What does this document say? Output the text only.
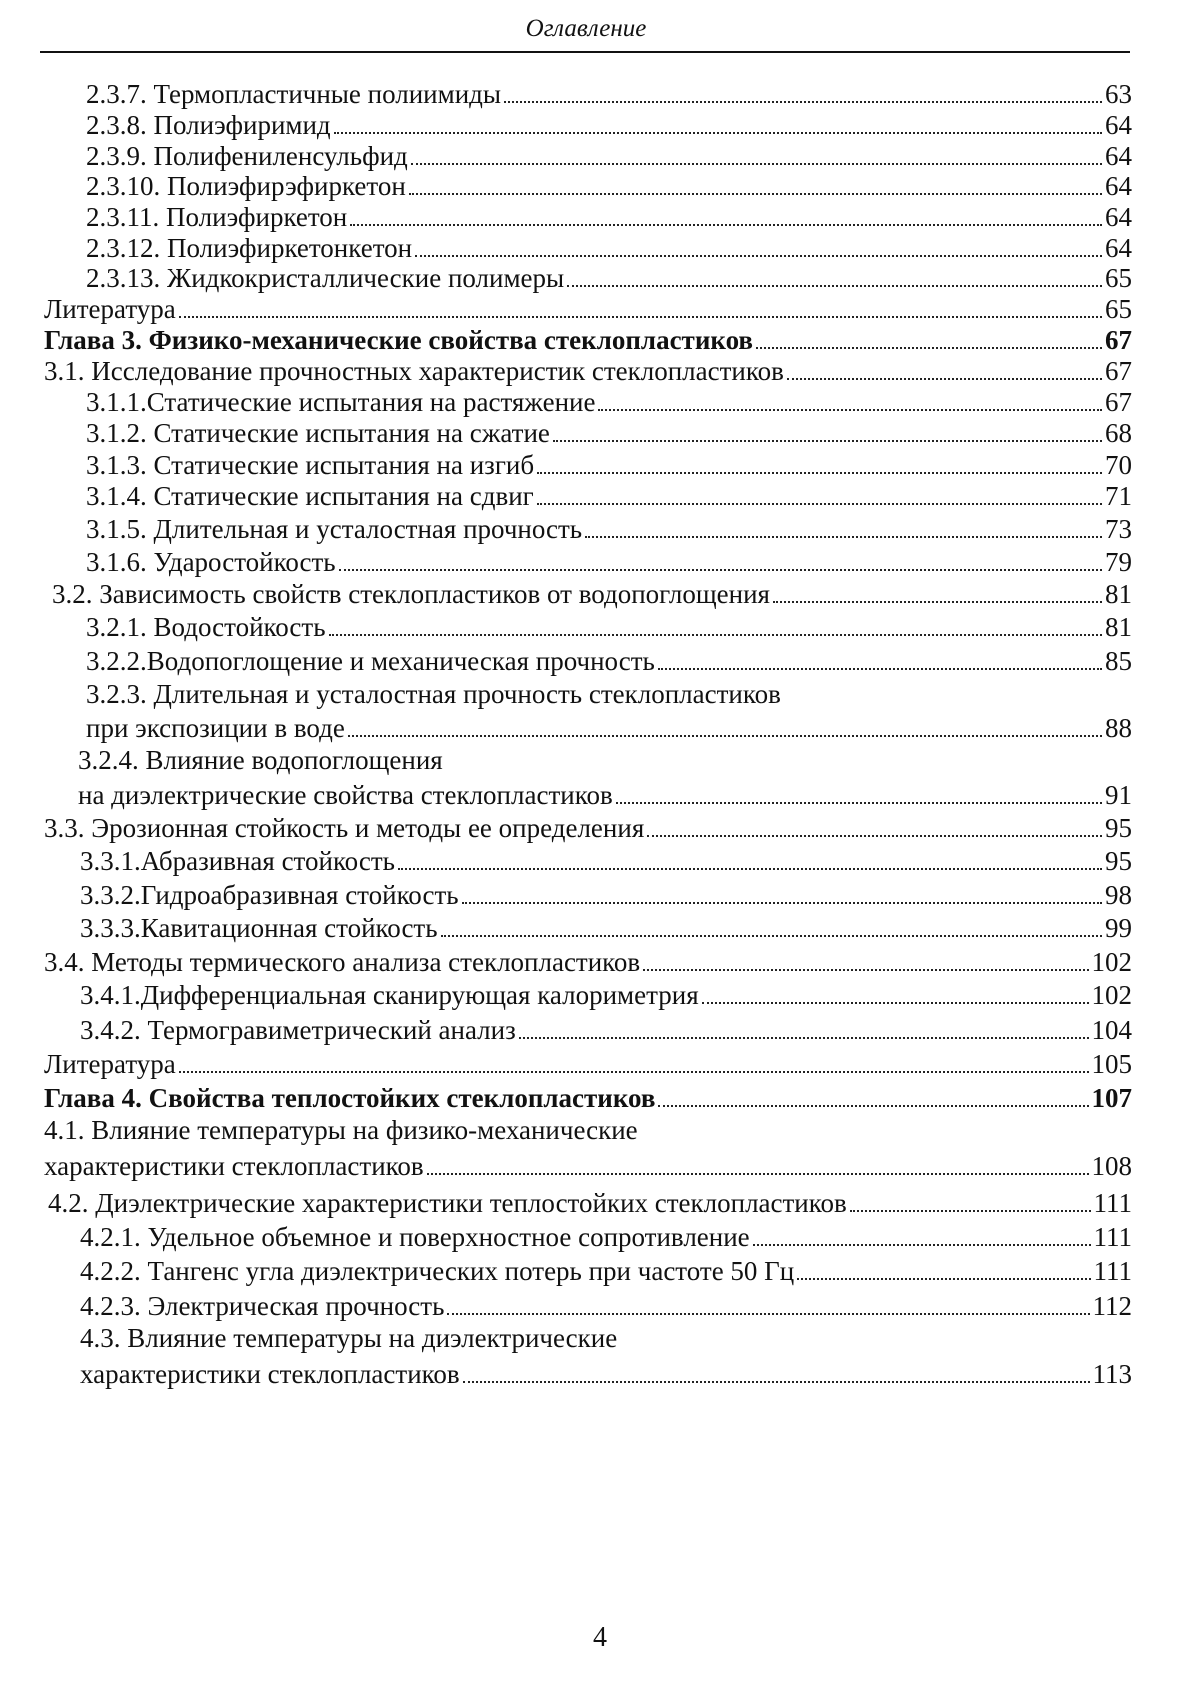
Оглавление
2.3.7. Термопластичные полиимиды	63
2.3.8. Полиэфиримид	64
2.3.9. Полифениленсульфид	64
2.3.10. Полиэфирэфиркетон	64
2.3.11. Полиэфиркетон	64
2.3.12. Полиэфиркетонкетон	64
2.3.13. Жидкокристаллические полимеры	65
Литература	65
Глава 3. Физико-механические свойства стеклопластиков	67
3.1. Исследование прочностных характеристик стеклопластиков	67
3.1.1.Статические испытания на растяжение	67
3.1.2. Статические испытания на сжатие	68
3.1.3. Статические испытания на изгиб	70
3.1.4. Статические испытания на сдвиг	71
3.1.5. Длительная и усталостная прочность	73
3.1.6. Ударостойкость	79
3.2. Зависимость свойств стеклопластиков от водопоглощения	81
3.2.1. Водостойкость	81
3.2.2.Водопоглощение и механическая прочность	85
3.2.3. Длительная и усталостная прочность стеклопластиков
при экспозиции в воде	88
3.2.4. Влияние водопоглощения
на диэлектрические свойства стеклопластиков	91
3.3. Эрозионная стойкость и методы ее определения	95
3.3.1.Абразивная стойкость	95
3.3.2.Гидроабразивная стойкость	98
3.3.3.Кавитационная стойкость	99
3.4. Методы термического анализа стеклопластиков	102
3.4.1.Дифференциальная сканирующая калориметрия	102
3.4.2. Термогравиметрический анализ	104
Литература	105
Глава 4. Свойства теплостойких стеклопластиков	107
4.1. Влияние температуры на физико-механические
характеристики стеклопластиков	108
4.2. Диэлектрические характеристики теплостойких стеклопластиков	111
4.2.1. Удельное объемное и поверхностное сопротивление	111
4.2.2. Тангенс угла диэлектрических потерь при частоте 50 Гц	111
4.2.3. Электрическая прочность	112
4.3. Влияние температуры на диэлектрические
характеристики стеклопластиков	113
4
